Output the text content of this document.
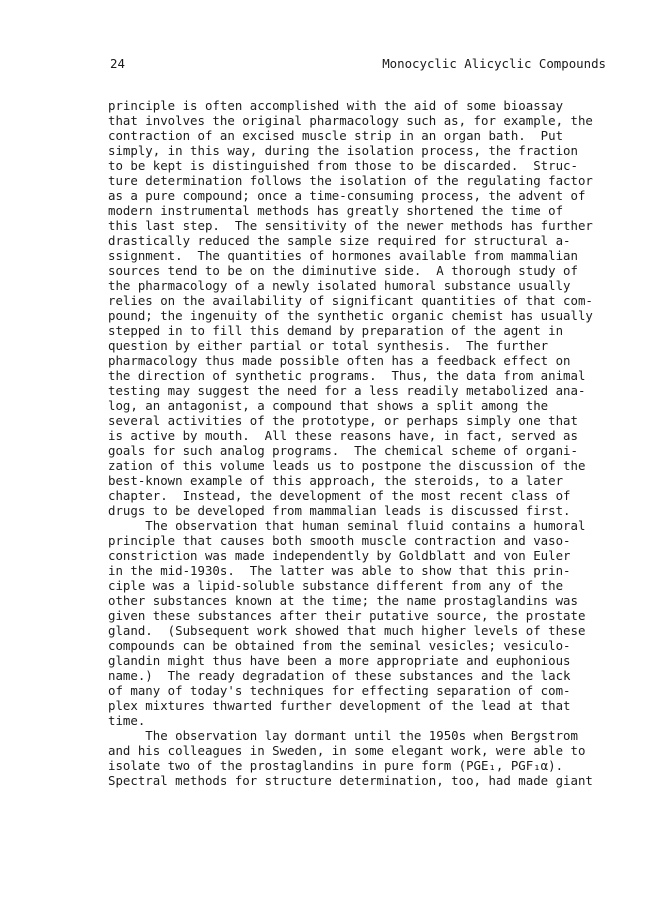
24

	Monocyclic Alicyclic Compounds

principle is often accomplished with the aid of some bioassay
that involves the original pharmacology such as, for example, the
contraction of an excised muscle strip in an organ bath.  Put
simply, in this way, during the isolation process, the fraction
to be kept is distinguished from those to be discarded.  Struc-
ture determination follows the isolation of the regulating factor
as a pure compound; once a time-consuming process, the advent of
modern instrumental methods has greatly shortened the time of
this last step.  The sensitivity of the newer methods has further
drastically reduced the sample size required for structural a-
ssignment.  The quantities of hormones available from mammalian
sources tend to be on the diminutive side.  A thorough study of
the pharmacology of a newly isolated humoral substance usually
relies on the availability of significant quantities of that com-
pound; the ingenuity of the synthetic organic chemist has usually
stepped in to fill this demand by preparation of the agent in
question by either partial or total synthesis.  The further
pharmacology thus made possible often has a feedback effect on
the direction of synthetic programs.  Thus, the data from animal
testing may suggest the need for a less readily metabolized ana-
log, an antagonist, a compound that shows a split among the
several activities of the prototype, or perhaps simply one that
is active by mouth.  All these reasons have, in fact, served as
goals for such analog programs.  The chemical scheme of organi-
zation of this volume leads us to postpone the discussion of the
best-known example of this approach, the steroids, to a later
chapter.  Instead, the development of the most recent class of
drugs to be developed from mammalian leads is discussed first.
The observation that human seminal fluid contains a humoral
principle that causes both smooth muscle contraction and vaso-
constriction was made independently by Goldblatt and von Euler
in the mid-1930s.  The latter was able to show that this prin-
ciple was a lipid-soluble substance different from any of the
other substances known at the time; the name prostaglandins was
given these substances after their putative source, the prostate
gland.  (Subsequent work showed that much higher levels of these
compounds can be obtained from the seminal vesicles; vesiculo-
glandin might thus have been a more appropriate and euphonious
name.)  The ready degradation of these substances and the lack
of many of today's techniques for effecting separation of com-
plex mixtures thwarted further development of the lead at that
time.
The observation lay dormant until the 1950s when Bergstrom
and his colleagues in Sweden, in some elegant work, were able to
isolate two of the prostaglandins in pure form (PGE₁, PGF₁α).
Spectral methods for structure determination, too, had made giant
